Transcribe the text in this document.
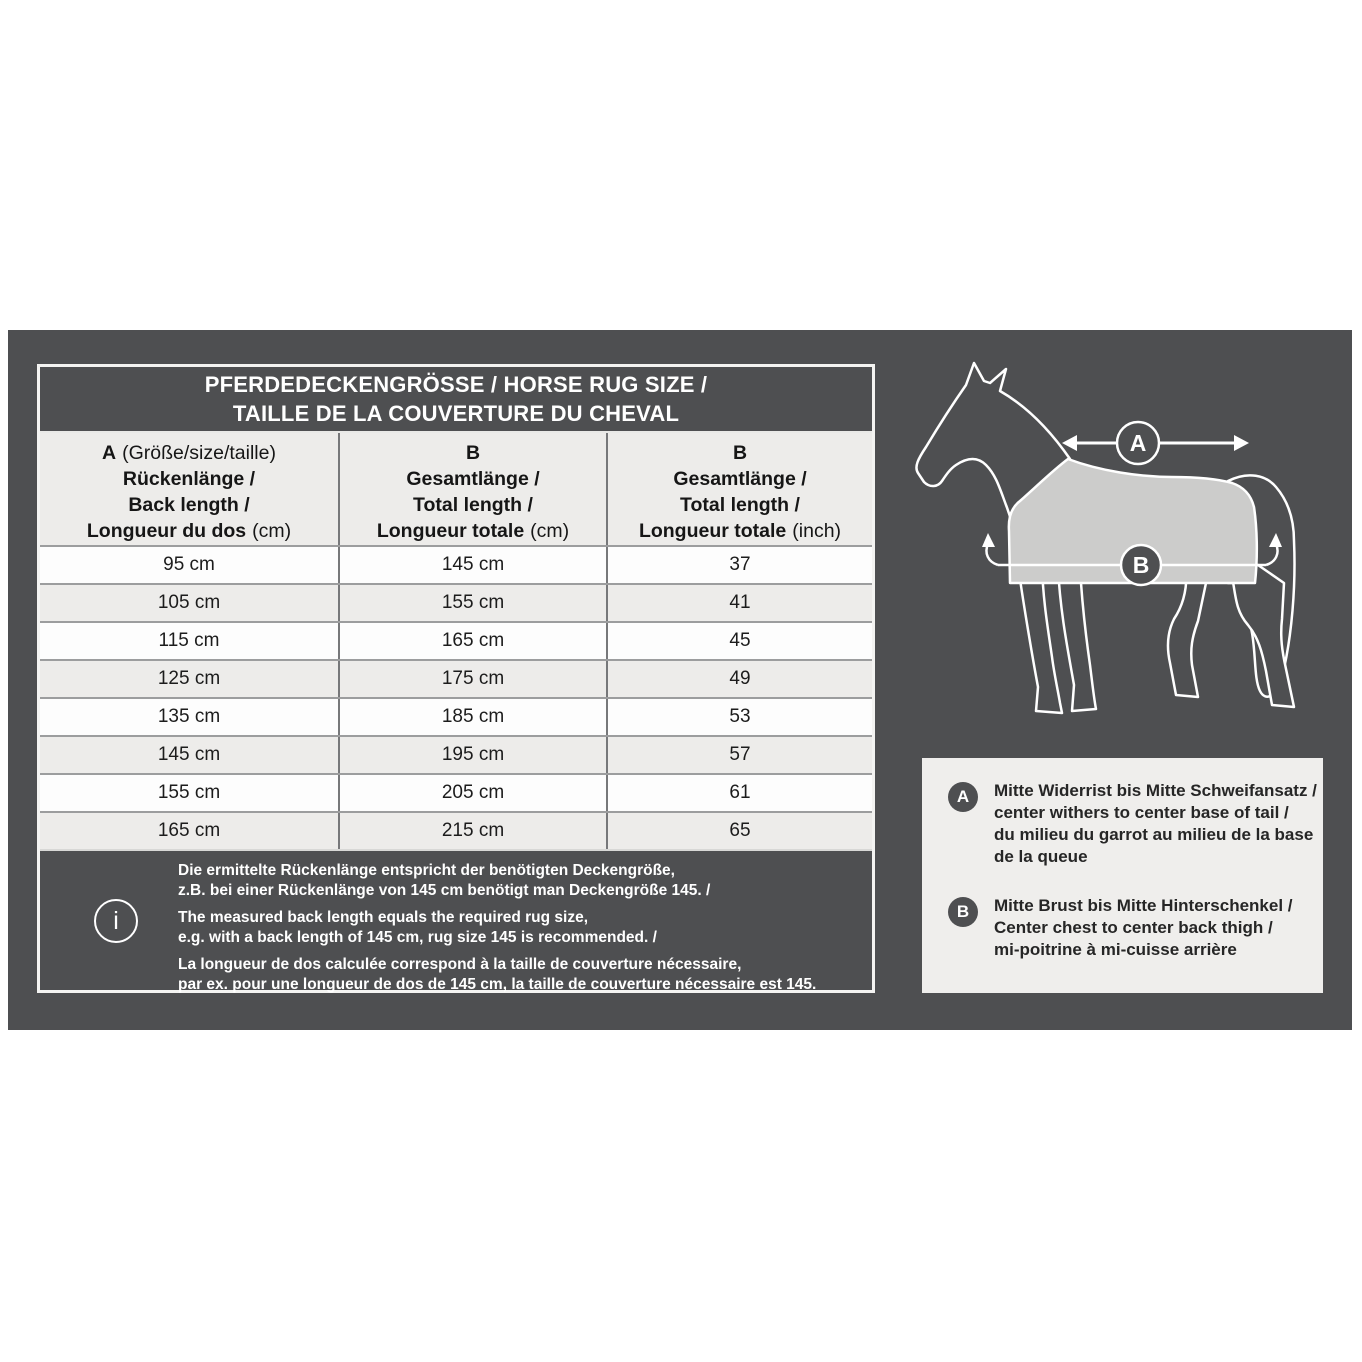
PFERDEDECKENGRÖSSE / HORSE RUG SIZE /
TAILLE DE LA COUVERTURE DU CHEVAL
A (Größe/size/taille)
Rückenlänge /
Back length /
Longueur du dos (cm)
B
Gesamtlänge /
Total length /
Longueur totale (cm)
B
Gesamtlänge /
Total length /
Longueur totale (inch)
95 cm	145 cm	37
105 cm	155 cm	41
115 cm	165 cm	45
125 cm	175 cm	49
135 cm	185 cm	53
145 cm	195 cm	57
155 cm	205 cm	61
165 cm	215 cm	65
i
Die ermittelte Rückenlänge entspricht der benötigten Deckengröße,
z.B. bei einer Rückenlänge von 145 cm benötigt man Deckengröße 145. /
The measured back length equals the required rug size,
e.g. with a back length of 145 cm, rug size 145 is recommended. /
La longueur de dos calculée correspond à la taille de couverture nécessaire,
par ex. pour une longueur de dos de 145 cm, la taille de couverture nécessaire est 145.
A
B
A	Mitte Widerrist bis Mitte Schweifansatz /
center withers to center base of tail /
du milieu du garrot au milieu de la base
de la queue
B	Mitte Brust bis Mitte Hinterschenkel /
Center chest to center back thigh /
mi-poitrine à mi-cuisse arrière
